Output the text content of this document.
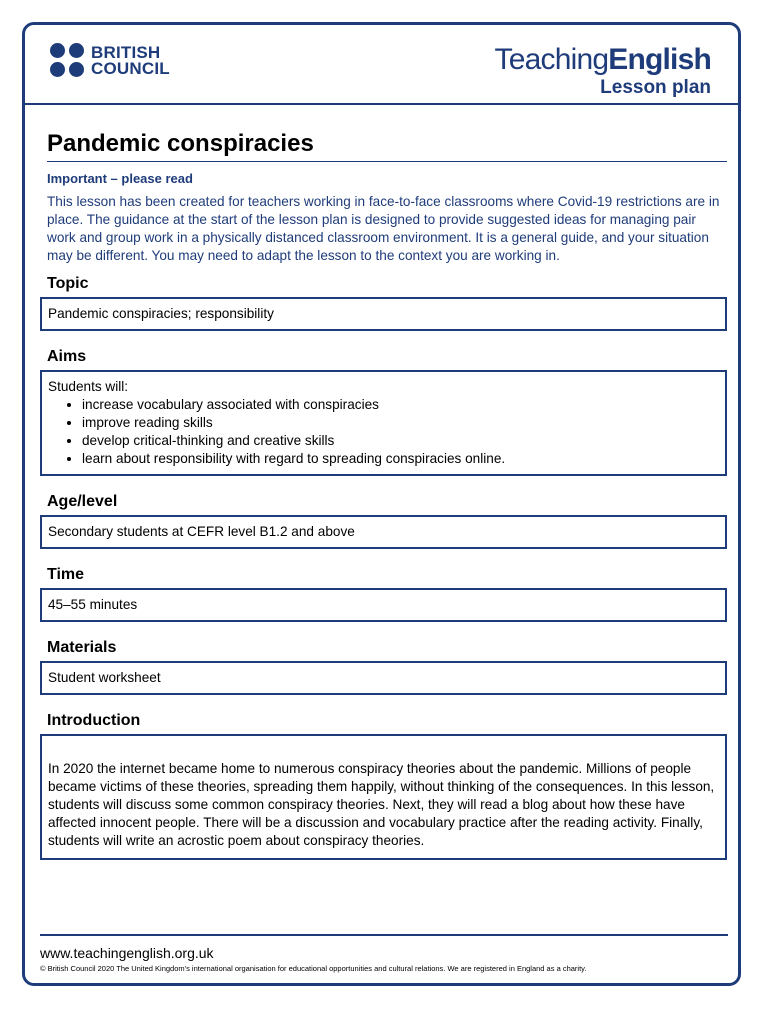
BRITISH
COUNCIL	TeachingEnglish
Lesson plan
Pandemic conspiracies
Important – please read
This lesson has been created for teachers working in face-to-face classrooms where Covid-19 restrictions are in place. The guidance at the start of the lesson plan is designed to provide suggested ideas for managing pair work and group work in a physically distanced classroom environment. It is a general guide, and your situation may be different. You may need to adapt the lesson to the context you are working in.
Topic
Pandemic conspiracies; responsibility
Aims
Students will:
• increase vocabulary associated with conspiracies
• improve reading skills
• develop critical-thinking and creative skills
• learn about responsibility with regard to spreading conspiracies online.
Age/level
Secondary students at CEFR level B1.2 and above
Time
45–55 minutes
Materials
Student worksheet
Introduction
In 2020 the internet became home to numerous conspiracy theories about the pandemic. Millions of people became victims of these theories, spreading them happily, without thinking of the consequences. In this lesson, students will discuss some common conspiracy theories. Next, they will read a blog about how these have affected innocent people. There will be a discussion and vocabulary practice after the reading activity. Finally, students will write an acrostic poem about conspiracy theories.
www.teachingenglish.org.uk
© British Council 2020 The United Kingdom's international organisation for educational opportunities and cultural relations. We are registered in England as a charity.
